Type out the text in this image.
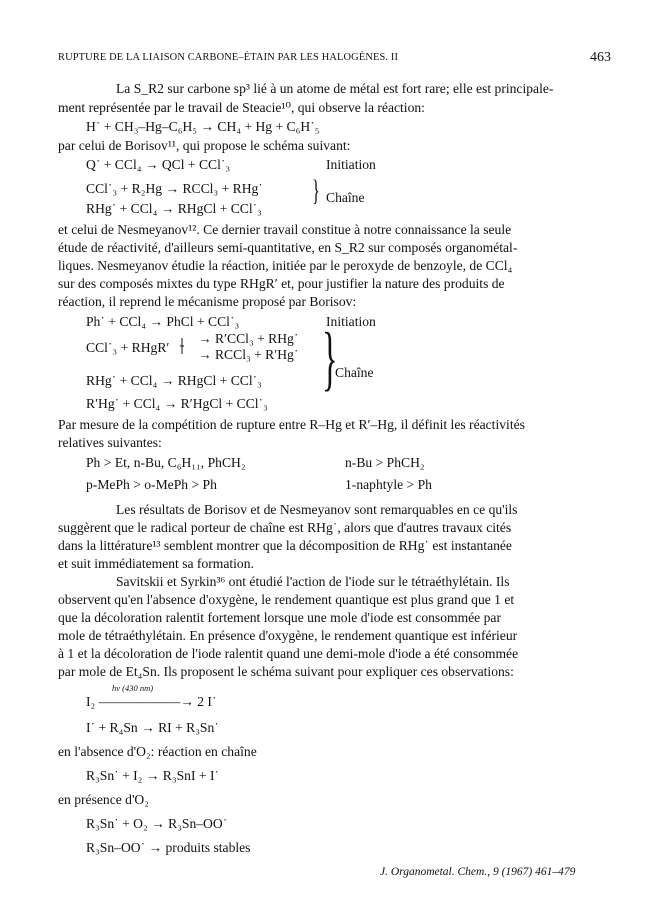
RUPTURE DE LA LIAISON CARBONE–ÉTAIN PAR LES HALOGÈNES. II	463
La S_R2 sur carbone sp³ lié à un atome de métal est fort rare; elle est principale-
ment représentée par le travail de Steacie¹⁰, qui observe la réaction:
H˙ + CH₃–Hg–C₆H₅ → CH₄ + Hg + C₆H˙₅
par celui de Borisov¹¹, qui propose le schéma suivant:
Q˙ + CCl₄ → QCl + CCl˙₃	Initiation
CCl˙₃ + R₂Hg → RCCl₃ + RHg˙
RHg˙ + CCl₄ → RHgCl + CCl˙₃
Chaîne
et celui de Nesmeyanov¹². Ce dernier travail constitue à notre connaissance la seule
étude de réactivité, d'ailleurs semi-quantitative, en S_R2 sur composés organométal-
liques. Nesmeyanov étudie la réaction, initiée par le peroxyde de benzoyle, de CCl₄
sur des composés mixtes du type RHgR′ et, pour justifier la nature des produits de
réaction, il reprend le mécanisme proposé par Borisov:
Ph˙ + CCl₄ → PhCl + CCl˙₃	Initiation
CCl˙₃ + RHgR′
→ R′CCl₃ + RHg˙
→ RCCl₃ + R′Hg˙
RHg˙ + CCl₄ → RHgCl + CCl˙₃
Chaîne
R′Hg˙ + CCl₄ → R′HgCl + CCl˙₃
Par mesure de la compétition de rupture entre R–Hg et R′–Hg, il définit les réactivités
relatives suivantes:
Ph > Et, n-Bu, C₆H₁₁, PhCH₂	n-Bu > PhCH₂
p-MePh > o-MePh > Ph	1-naphtyle > Ph
Les résultats de Borisov et de Nesmeyanov sont remarquables en ce qu'ils
suggèrent que le radical porteur de chaîne est RHg˙, alors que d'autres travaux cités
dans la littérature¹³ semblent montrer que la décomposition de RHg˙ est instantanée
et suit immédiatement sa formation.
Savitskii et Syrkin³⁶ ont étudié l'action de l'iode sur le tétraéthylétain. Ils
observent qu'en l'absence d'oxygène, le rendement quantique est plus grand que 1 et
que la décoloration ralentit fortement lorsque une mole d'iode est consommée par
mole de tétraéthylétain. En présence d'oxygène, le rendement quantique est inférieur
à 1 et la décoloration de l'iode ralentit quand une demi-mole d'iode a été consommée
par mole de Et₄Sn. Ils proposent le schéma suivant pour expliquer ces observations:
I₂ ——————→ 2 I˙
I˙ + R₄Sn → RI + R₃Sn˙
en l'absence d'O₂: réaction en chaîne
R₃Sn˙ + I₂ → R₃SnI + I˙
en présence d'O₂
R₃Sn˙ + O₂ → R₃Sn–OO˙
R₃Sn–OO˙ → produits stables
}
}
hν (430 nm)
J. Organometal. Chem., 9 (1967) 461–479
